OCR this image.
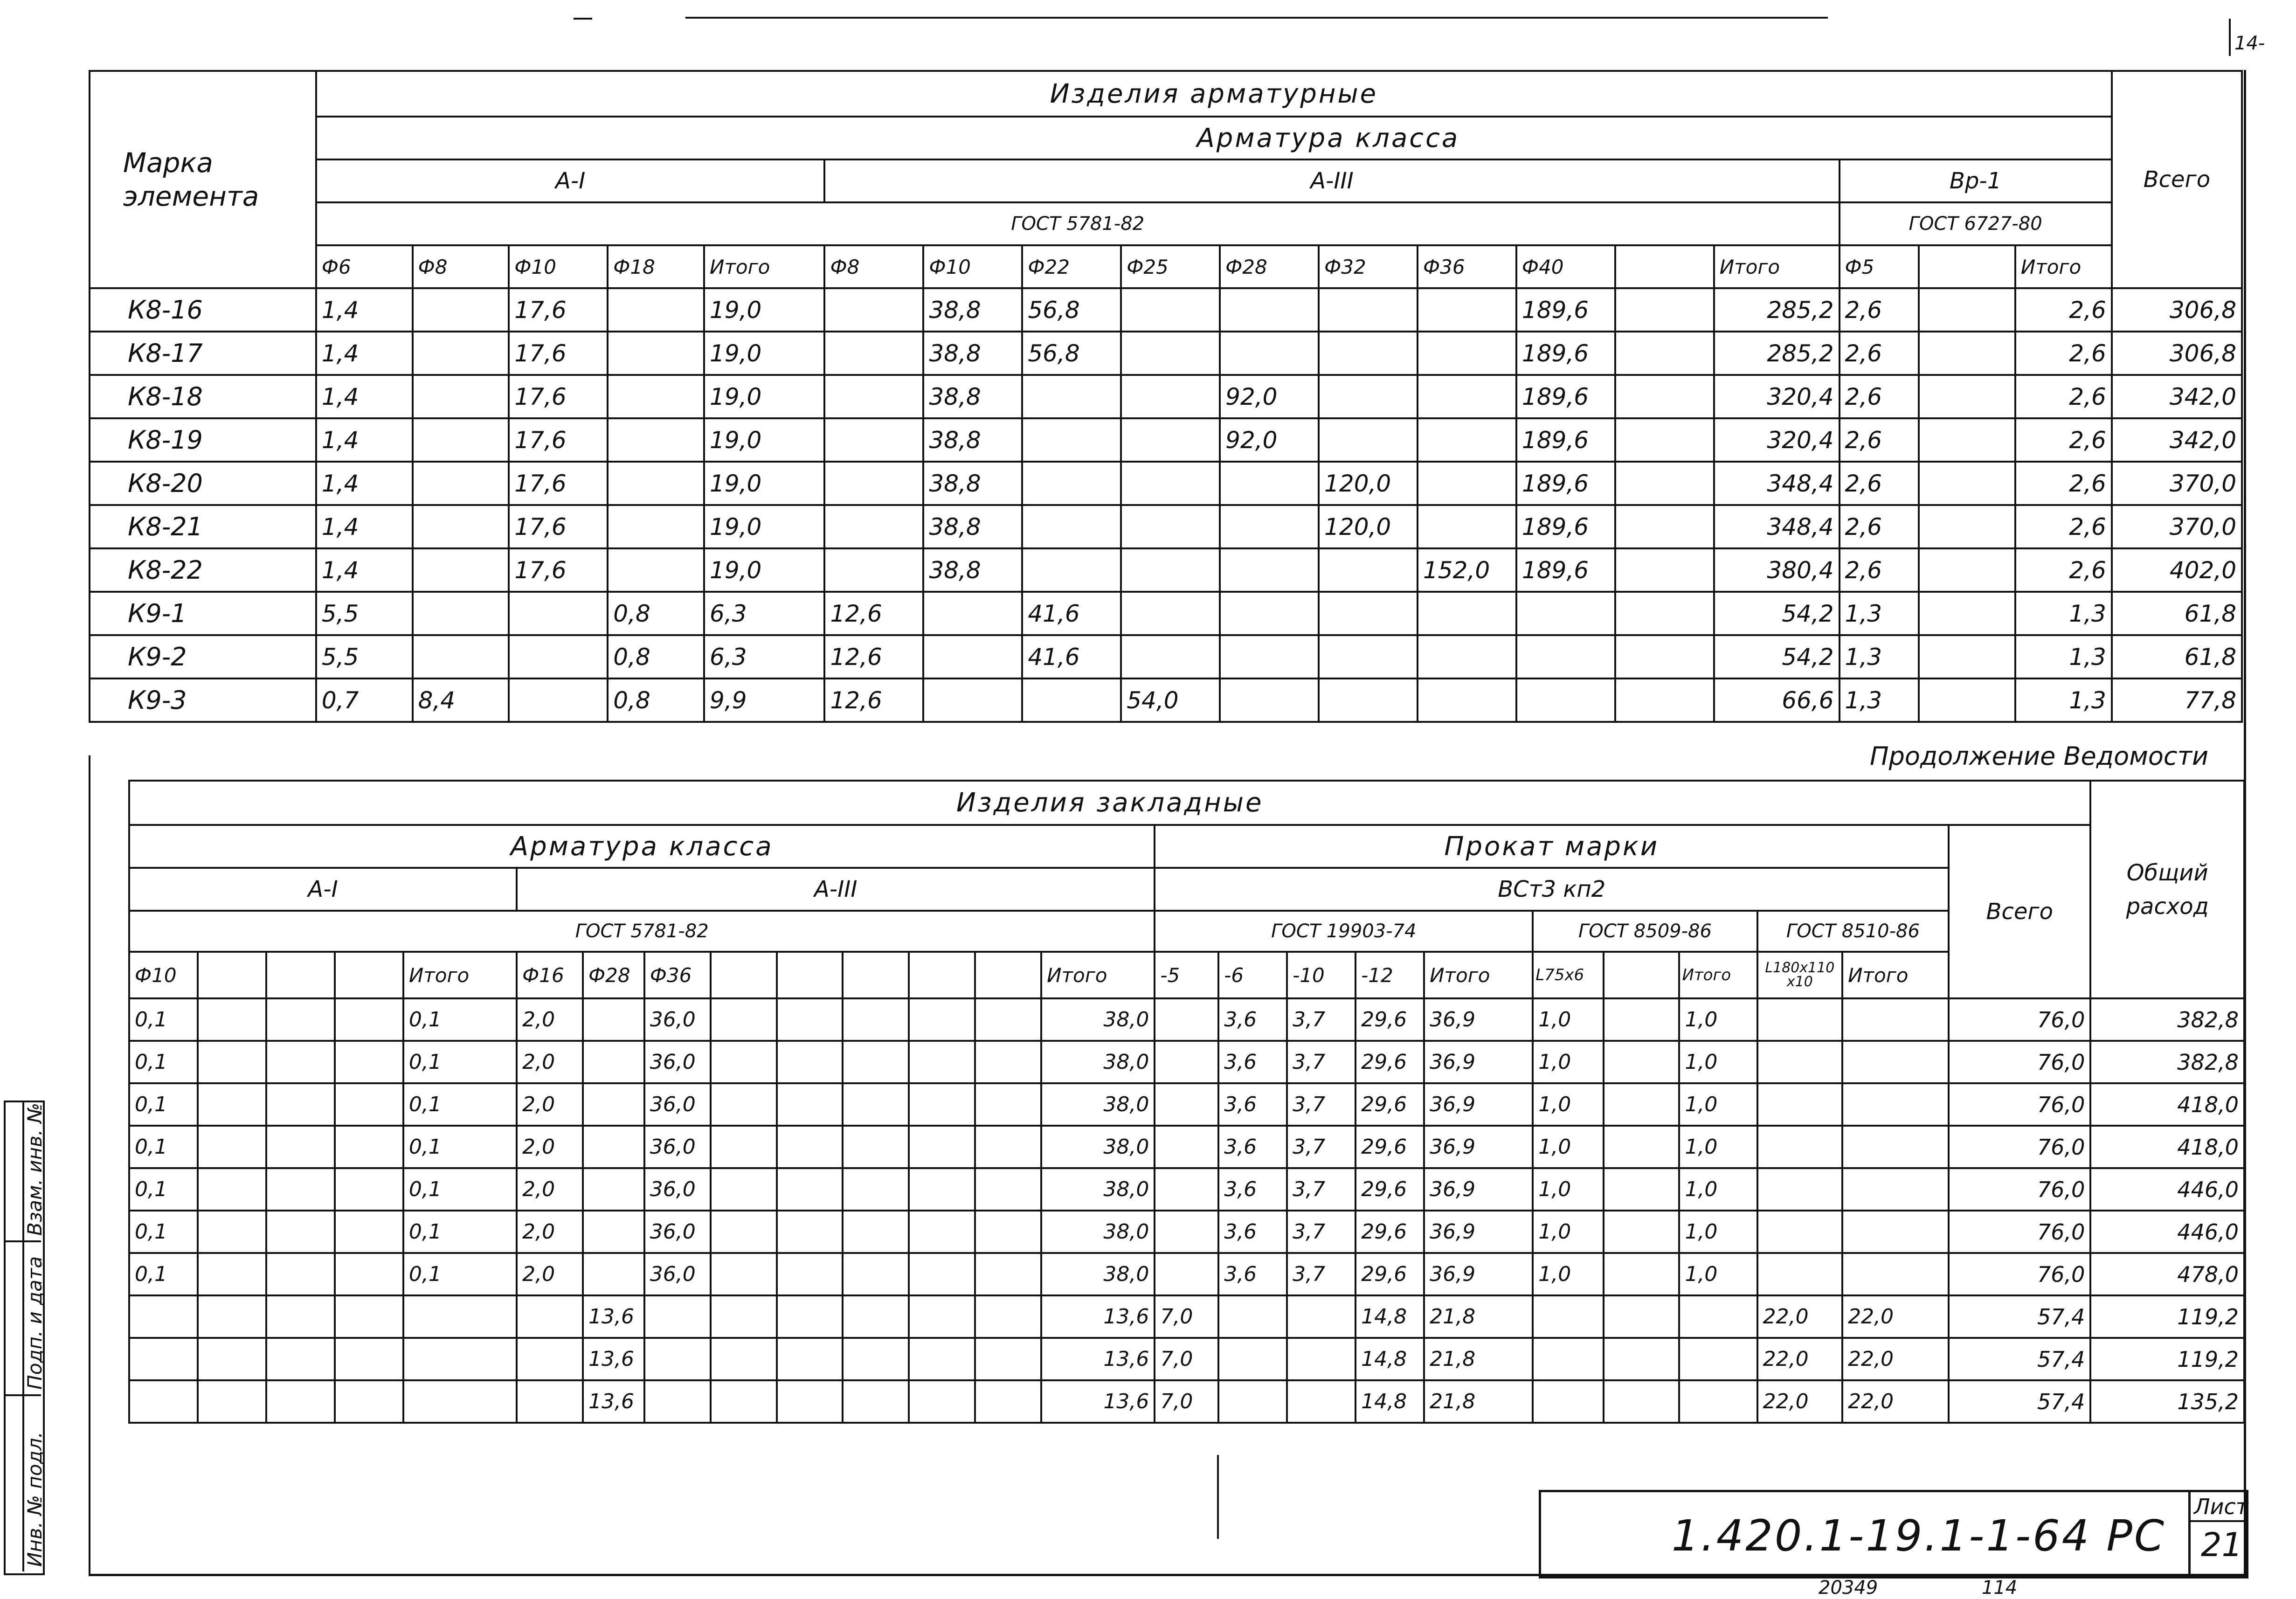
14-
Марка элемента	Изделия арматурные																		Всего
	Арматура класса																		
	А-I					А-III										Вр-1			
	ГОСТ 5781-82															ГОСТ 6727-80			
	Ф6	Ф8	Ф10	Ф18	Итого	Ф8	Ф10	Ф22	Ф25	Ф28	Ф32	Ф36	Ф40		Итого	Ф5		Итого	
К8-16	1,4		17,6		19,0		38,8	56,8					189,6		285,2	2,6		2,6	306,8
К8-17	1,4		17,6		19,0		38,8	56,8					189,6		285,2	2,6		2,6	306,8
К8-18	1,4		17,6		19,0		38,8			92,0			189,6		320,4	2,6		2,6	342,0
К8-19	1,4		17,6		19,0		38,8			92,0			189,6		320,4	2,6		2,6	342,0
К8-20	1,4		17,6		19,0		38,8				120,0		189,6		348,4	2,6		2,6	370,0
К8-21	1,4		17,6		19,0		38,8				120,0		189,6		348,4	2,6		2,6	370,0
К8-22	1,4		17,6		19,0		38,8					152,0	189,6		380,4	2,6		2,6	402,0
К9-1	5,5			0,8	6,3	12,6		41,6							54,2	1,3		1,3	61,8
К9-2	5,5			0,8	6,3	12,6		41,6							54,2	1,3		1,3	61,8
К9-3	0,7	8,4		0,8	9,9	12,6			54,0						66,6	1,3		1,3	77,8
Продолжение Ведомости
Изделия закладные																									Общий расход
Арматура класса														Прокат марки										Всего	
А-I					А-III									ВСт3 кп2											
ГОСТ 5781-82														ГОСТ 19903-74					ГОСТ 8509-86			ГОСТ 8510-86			
Ф10				Итого	Ф16	Ф28	Ф36						Итого	-5	-6	-10	-12	Итого	L75x6		Итого	L180x110x10	Итого		
0,1				0,1	2,0		36,0						38,0		3,6	3,7	29,6	36,9	1,0		1,0			76,0	382,8
0,1				0,1	2,0		36,0						38,0		3,6	3,7	29,6	36,9	1,0		1,0			76,0	382,8
0,1				0,1	2,0		36,0						38,0		3,6	3,7	29,6	36,9	1,0		1,0			76,0	418,0
0,1				0,1	2,0		36,0						38,0		3,6	3,7	29,6	36,9	1,0		1,0			76,0	418,0
0,1				0,1	2,0		36,0						38,0		3,6	3,7	29,6	36,9	1,0		1,0			76,0	446,0
0,1				0,1	2,0		36,0						38,0		3,6	3,7	29,6	36,9	1,0		1,0			76,0	446,0
0,1				0,1	2,0		36,0						38,0		3,6	3,7	29,6	36,9	1,0		1,0			76,0	478,0
						13,6							13,6	7,0			14,8	21,8				22,0	22,0	57,4	119,2
						13,6							13,6	7,0			14,8	21,8				22,0	22,0	57,4	119,2
						13,6							13,6	7,0			14,8	21,8				22,0	22,0	57,4	135,2
Инв. № подл.
Подп. и дата
Взам. инв. №
1.420.1-19.1-1-64 РС
Лист
21
20349	114
